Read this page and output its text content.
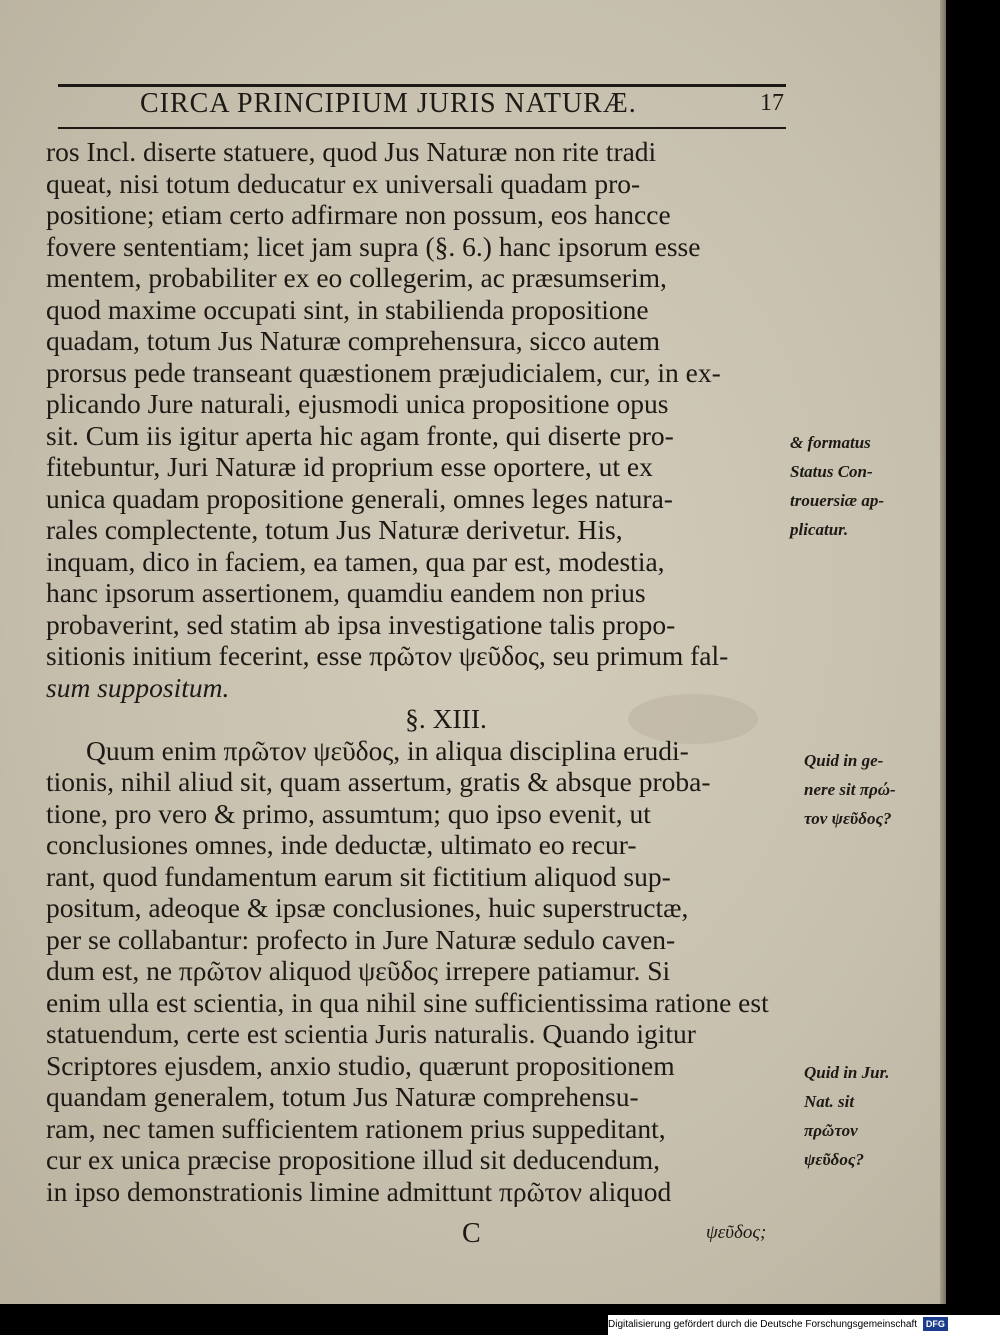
CIRCA PRINCIPIUM JURIS NATURÆ.	17
ros Incl. diserte statuere, quod Jus Naturæ non rite tradi
queat, nisi totum deducatur ex universali quadam pro-
positione; etiam certo adfirmare non possum, eos hancce
fovere sententiam; licet jam supra (§. 6.) hanc ipsorum esse
mentem, probabiliter ex eo collegerim, ac præsumserim,
quod maxime occupati sint, in stabilienda propositione
quadam, totum Jus Naturæ comprehensura, sicco autem
prorsus pede transeant quæstionem præjudicialem, cur, in ex-
plicando Jure naturali, ejusmodi unica propositione opus
sit. Cum iis igitur aperta hic agam fronte, qui diserte pro-
fitebuntur, Juri Naturæ id proprium esse oportere, ut ex
unica quadam propositione generali, omnes leges natura-
rales complectente, totum Jus Naturæ derivetur. His,
inquam, dico in faciem, ea tamen, qua par est, modestia,
hanc ipsorum assertionem, quamdiu eandem non prius
probaverint, sed statim ab ipsa investigatione talis propo-
sitionis initium fecerint, esse πρῶτον ψεῦδος, seu primum fal-
sum suppositum.
§. XIII.
Quum enim πρῶτον ψεῦδος, in aliqua disciplina erudi-
tionis, nihil aliud sit, quam assertum, gratis & absque proba-
tione, pro vero & primo, assumtum; quo ipso evenit, ut
conclusiones omnes, inde deductæ, ultimato eo recur-
rant, quod fundamentum earum sit fictitium aliquod sup-
positum, adeoque & ipsæ conclusiones, huic superstructæ,
per se collabantur: profecto in Jure Naturæ sedulo caven-
dum est, ne πρῶτον aliquod ψεῦδος irrepere patiamur. Si
enim ulla est scientia, in qua nihil sine sufficientissima ratione est
statuendum, certe est scientia Juris naturalis. Quando igitur
Scriptores ejusdem, anxio studio, quærunt propositionem
quandam generalem, totum Jus Naturæ comprehensu-
ram, nec tamen sufficientem rationem prius suppeditant,
cur ex unica præcise propositione illud sit deducendum,
in ipso demonstrationis limine admittunt πρῶτον aliquod
& formatus
Status Con-
trouersiæ ap-
plicatur.
Quid in ge-
nere sit πρώ-
τον ψεῦδος?
Quid in Jur.
Nat. sit
πρῶτον
ψεῦδος?
C	ψεῦδος;
Digitalisierung gefördert durch die Deutsche Forschungsgemeinschaft DFG
